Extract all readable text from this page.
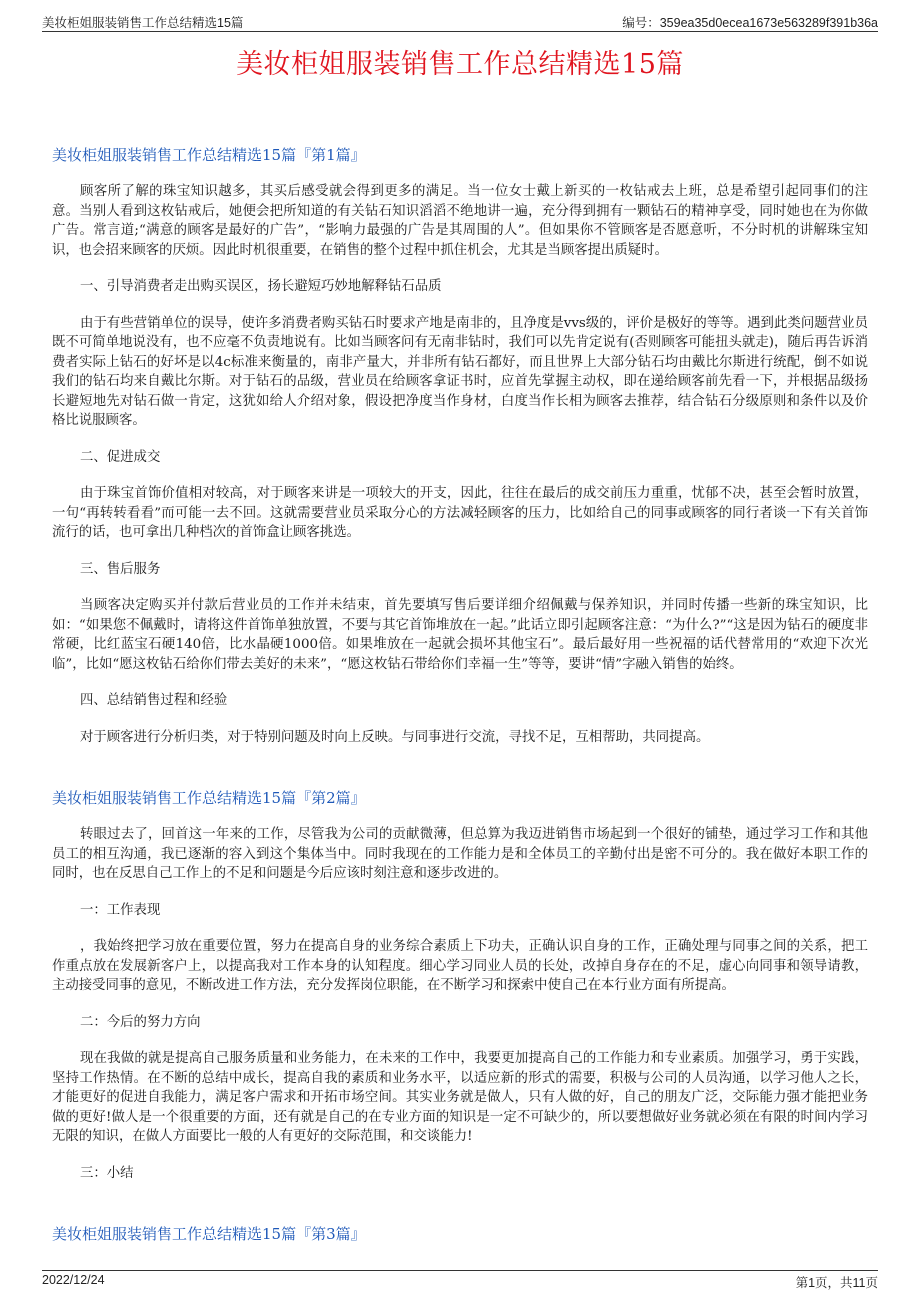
美妆柜姐服装销售工作总结精选15篇	编号：359ea35d0ecea1673e563289f391b36a
美妆柜姐服装销售工作总结精选15篇
美妆柜姐服装销售工作总结精选15篇『第1篇』

顾客所了解的珠宝知识越多，其买后感受就会得到更多的满足。当一位女士戴上新买的一枚钻戒去上班，总是希望引起同事们的注意。当别人看到这枚钻戒后，她便会把所知道的有关钻石知识滔滔不绝地讲一遍，充分得到拥有一颗钻石的精神享受，同时她也在为你做广告。常言道;“满意的顾客是最好的广告”，“影响力最强的广告是其周围的人”。但如果你不管顾客是否愿意听，不分时机的讲解珠宝知识，也会招来顾客的厌烦。因此时机很重要，在销售的整个过程中抓住机会，尤其是当顾客提出质疑时。

一、引导消费者走出购买误区，扬长避短巧妙地解释钻石品质

由于有些营销单位的误导，使许多消费者购买钻石时要求产地是南非的，且净度是vvs级的，评价是极好的等等。遇到此类问题营业员既不可简单地说没有，也不应毫不负责地说有。比如当顾客问有无南非钻时，我们可以先肯定说有(否则顾客可能扭头就走)，随后再告诉消费者实际上钻石的好坏是以4c标准来衡量的，南非产量大，并非所有钻石都好，而且世界上大部分钻石均由戴比尔斯进行统配，倒不如说我们的钻石均来自戴比尔斯。对于钻石的品级，营业员在给顾客拿证书时，应首先掌握主动权，即在递给顾客前先看一下，并根据品级扬长避短地先对钻石做一肯定，这犹如给人介绍对象，假设把净度当作身材，白度当作长相为顾客去推荐，结合钻石分级原则和条件以及价格比说服顾客。

二、促进成交

由于珠宝首饰价值相对较高，对于顾客来讲是一项较大的开支，因此，往往在最后的成交前压力重重，忧郁不决，甚至会暂时放置，一句“再转转看看”而可能一去不回。这就需要营业员采取分心的方法减轻顾客的压力，比如给自己的同事或顾客的同行者谈一下有关首饰流行的话，也可拿出几种档次的首饰盒让顾客挑选。

三、售后服务

当顾客决定购买并付款后营业员的工作并未结束，首先要填写售后要详细介绍佩戴与保养知识，并同时传播一些新的珠宝知识，比如：“如果您不佩戴时，请将这件首饰单独放置，不要与其它首饰堆放在一起。”此话立即引起顾客注意：“为什么?”“这是因为钻石的硬度非常硬，比红蓝宝石硬140倍，比水晶硬1000倍。如果堆放在一起就会损坏其他宝石”。最后最好用一些祝福的话代替常用的“欢迎下次光临”，比如“愿这枚钻石给你们带去美好的未来”，“愿这枚钻石带给你们幸福一生”等等，要讲“情”字融入销售的始终。

四、总结销售过程和经验

对于顾客进行分析归类，对于特别问题及时向上反映。与同事进行交流，寻找不足，互相帮助，共同提高。

美妆柜姐服装销售工作总结精选15篇『第2篇』

转眼过去了，回首这一年来的工作，尽管我为公司的贡献微薄，但总算为我迈进销售市场起到一个很好的铺垫，通过学习工作和其他员工的相互沟通，我已逐渐的容入到这个集体当中。同时我现在的工作能力是和全体员工的辛勤付出是密不可分的。我在做好本职工作的同时，也在反思自己工作上的不足和问题是今后应该时刻注意和逐步改进的。

一：工作表现

，我始终把学习放在重要位置，努力在提高自身的业务综合素质上下功夫，正确认识自身的工作，正确处理与同事之间的关系，把工作重点放在发展新客户上，以提高我对工作本身的认知程度。细心学习同业人员的长处，改掉自身存在的不足，虚心向同事和领导请教，主动接受同事的意见，不断改进工作方法，充分发挥岗位职能，在不断学习和探索中使自己在本行业方面有所提高。

二：今后的努力方向

现在我做的就是提高自己服务质量和业务能力，在未来的工作中，我要更加提高自己的工作能力和专业素质。加强学习，勇于实践，坚持工作热情。在不断的总结中成长，提高自我的素质和业务水平，以适应新的形式的需要，积极与公司的人员沟通，以学习他人之长，才能更好的促进自我能力，满足客户需求和开拓市场空间。其实业务就是做人，只有人做的好，自己的朋友广泛，交际能力强才能把业务做的更好!做人是一个很重要的方面，还有就是自己的在专业方面的知识是一定不可缺少的，所以要想做好业务就必须在有限的时间内学习无限的知识，在做人方面要比一般的人有更好的交际范围，和交谈能力!

三：小结

美妆柜姐服装销售工作总结精选15篇『第3篇』
2022/12/24	第1页，共11页
